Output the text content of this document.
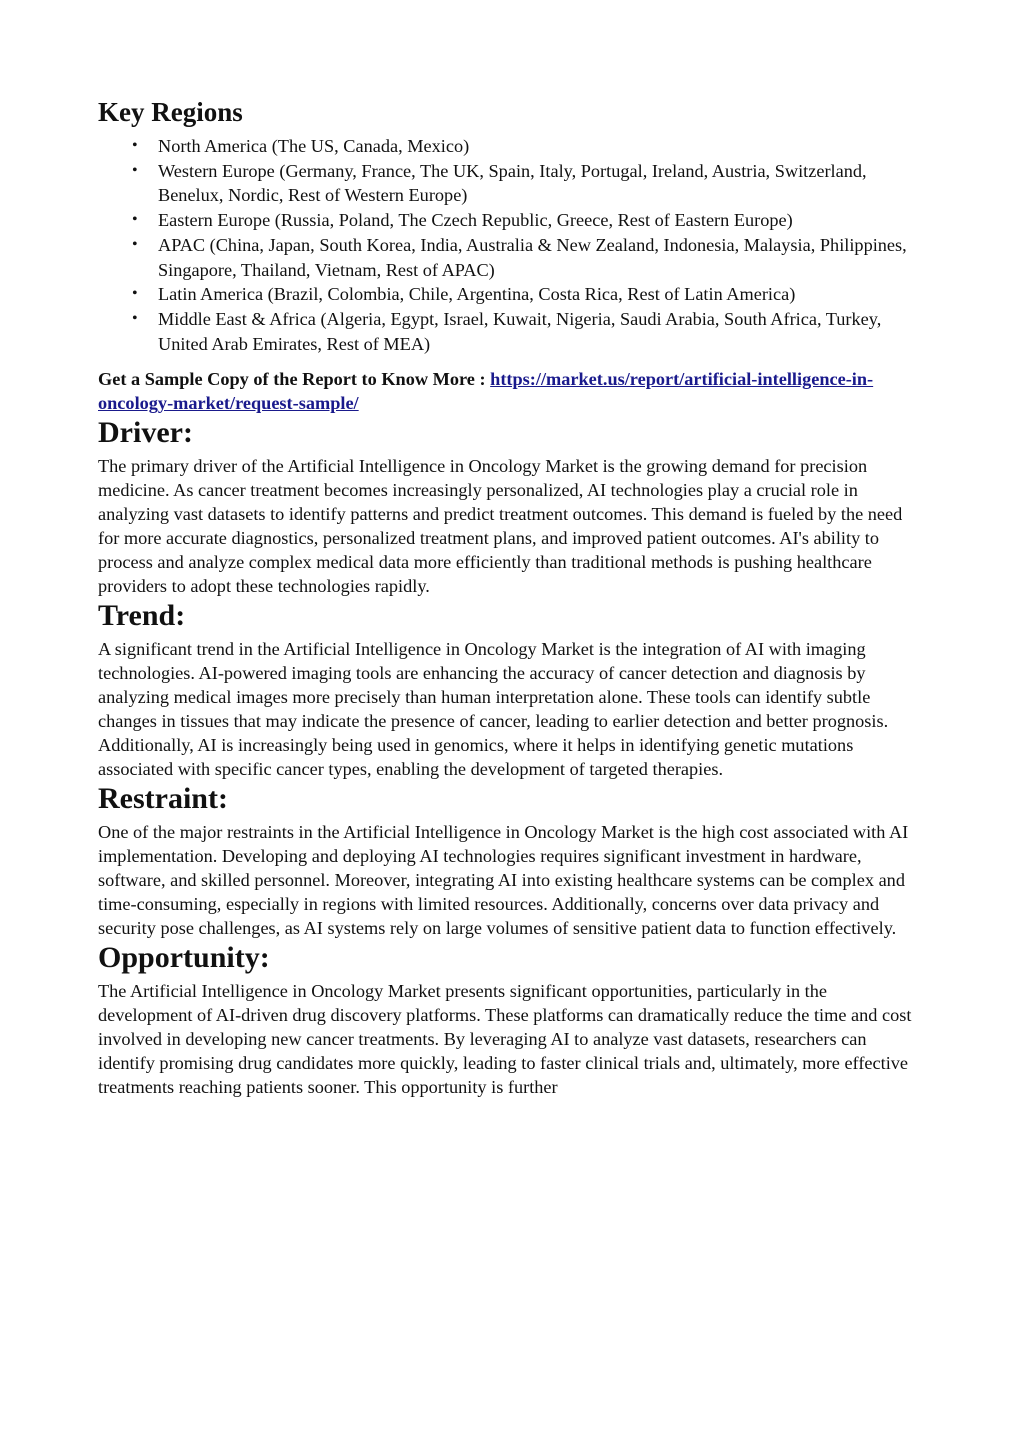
Key Regions
• North America (The US, Canada, Mexico)
• Western Europe (Germany, France, The UK, Spain, Italy, Portugal, Ireland, Austria, Switzerland, Benelux, Nordic, Rest of Western Europe)
• Eastern Europe (Russia, Poland, The Czech Republic, Greece, Rest of Eastern Europe)
• APAC (China, Japan, South Korea, India, Australia & New Zealand, Indonesia, Malaysia, Philippines, Singapore, Thailand, Vietnam, Rest of APAC)
• Latin America (Brazil, Colombia, Chile, Argentina, Costa Rica, Rest of Latin America)
• Middle East & Africa (Algeria, Egypt, Israel, Kuwait, Nigeria, Saudi Arabia, South Africa, Turkey, United Arab Emirates, Rest of MEA)
Get a Sample Copy of the Report to Know More : https://market.us/report/artificial-intelligence-in-oncology-market/request-sample/
Driver:

The primary driver of the Artificial Intelligence in Oncology Market is the growing demand for precision medicine. As cancer treatment becomes increasingly personalized, AI technologies play a crucial role in analyzing vast datasets to identify patterns and predict treatment outcomes. This demand is fueled by the need for more accurate diagnostics, personalized treatment plans, and improved patient outcomes. AI's ability to process and analyze complex medical data more efficiently than traditional methods is pushing healthcare providers to adopt these technologies rapidly.

Trend:

A significant trend in the Artificial Intelligence in Oncology Market is the integration of AI with imaging technologies. AI-powered imaging tools are enhancing the accuracy of cancer detection and diagnosis by analyzing medical images more precisely than human interpretation alone. These tools can identify subtle changes in tissues that may indicate the presence of cancer, leading to earlier detection and better prognosis. Additionally, AI is increasingly being used in genomics, where it helps in identifying genetic mutations associated with specific cancer types, enabling the development of targeted therapies.

Restraint:

One of the major restraints in the Artificial Intelligence in Oncology Market is the high cost associated with AI implementation. Developing and deploying AI technologies requires significant investment in hardware, software, and skilled personnel. Moreover, integrating AI into existing healthcare systems can be complex and time-consuming, especially in regions with limited resources. Additionally, concerns over data privacy and security pose challenges, as AI systems rely on large volumes of sensitive patient data to function effectively.

Opportunity:

The Artificial Intelligence in Oncology Market presents significant opportunities, particularly in the development of AI-driven drug discovery platforms. These platforms can dramatically reduce the time and cost involved in developing new cancer treatments. By leveraging AI to analyze vast datasets, researchers can identify promising drug candidates more quickly, leading to faster clinical trials and, ultimately, more effective treatments reaching patients sooner. This opportunity is further
